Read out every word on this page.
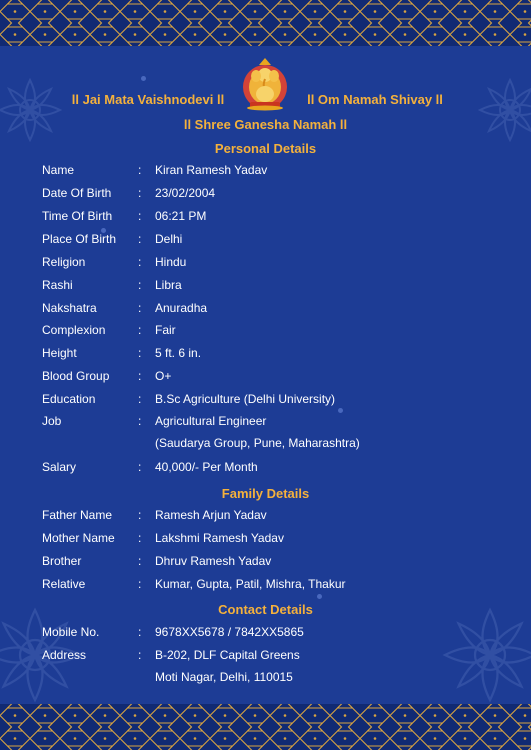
ll Jai Mata Vaishnodevi ll	ll Om Namah Shivay ll
ll Shree Ganesha Namah ll
Personal Details
Name	: Kiran Ramesh Yadav
Date Of Birth : 23/02/2004
Time Of Birth : 06:21 PM
Place Of Birth : Delhi
Religion	: Hindu
Rashi	: Libra
Nakshatra	: Anuradha
Complexion	: Fair
Height	: 5 ft. 6 in.
Blood Group : O+
Education	: B.Sc Agriculture (Delhi University)
Job	: Agricultural Engineer
(Saudarya Group, Pune, Maharashtra)
Salary	: 40,000/- Per Month
Family Details
Father Name : Ramesh Arjun Yadav
Mother Name : Lakshmi Ramesh Yadav
Brother	: Dhruv Ramesh Yadav
Relative	: Kumar, Gupta, Patil, Mishra, Thakur
Contact Details
Mobile No.	: 9678XX5678 / 7842XX5865
Address	: B-202, DLF Capital Greens
Moti Nagar, Delhi, 110015
